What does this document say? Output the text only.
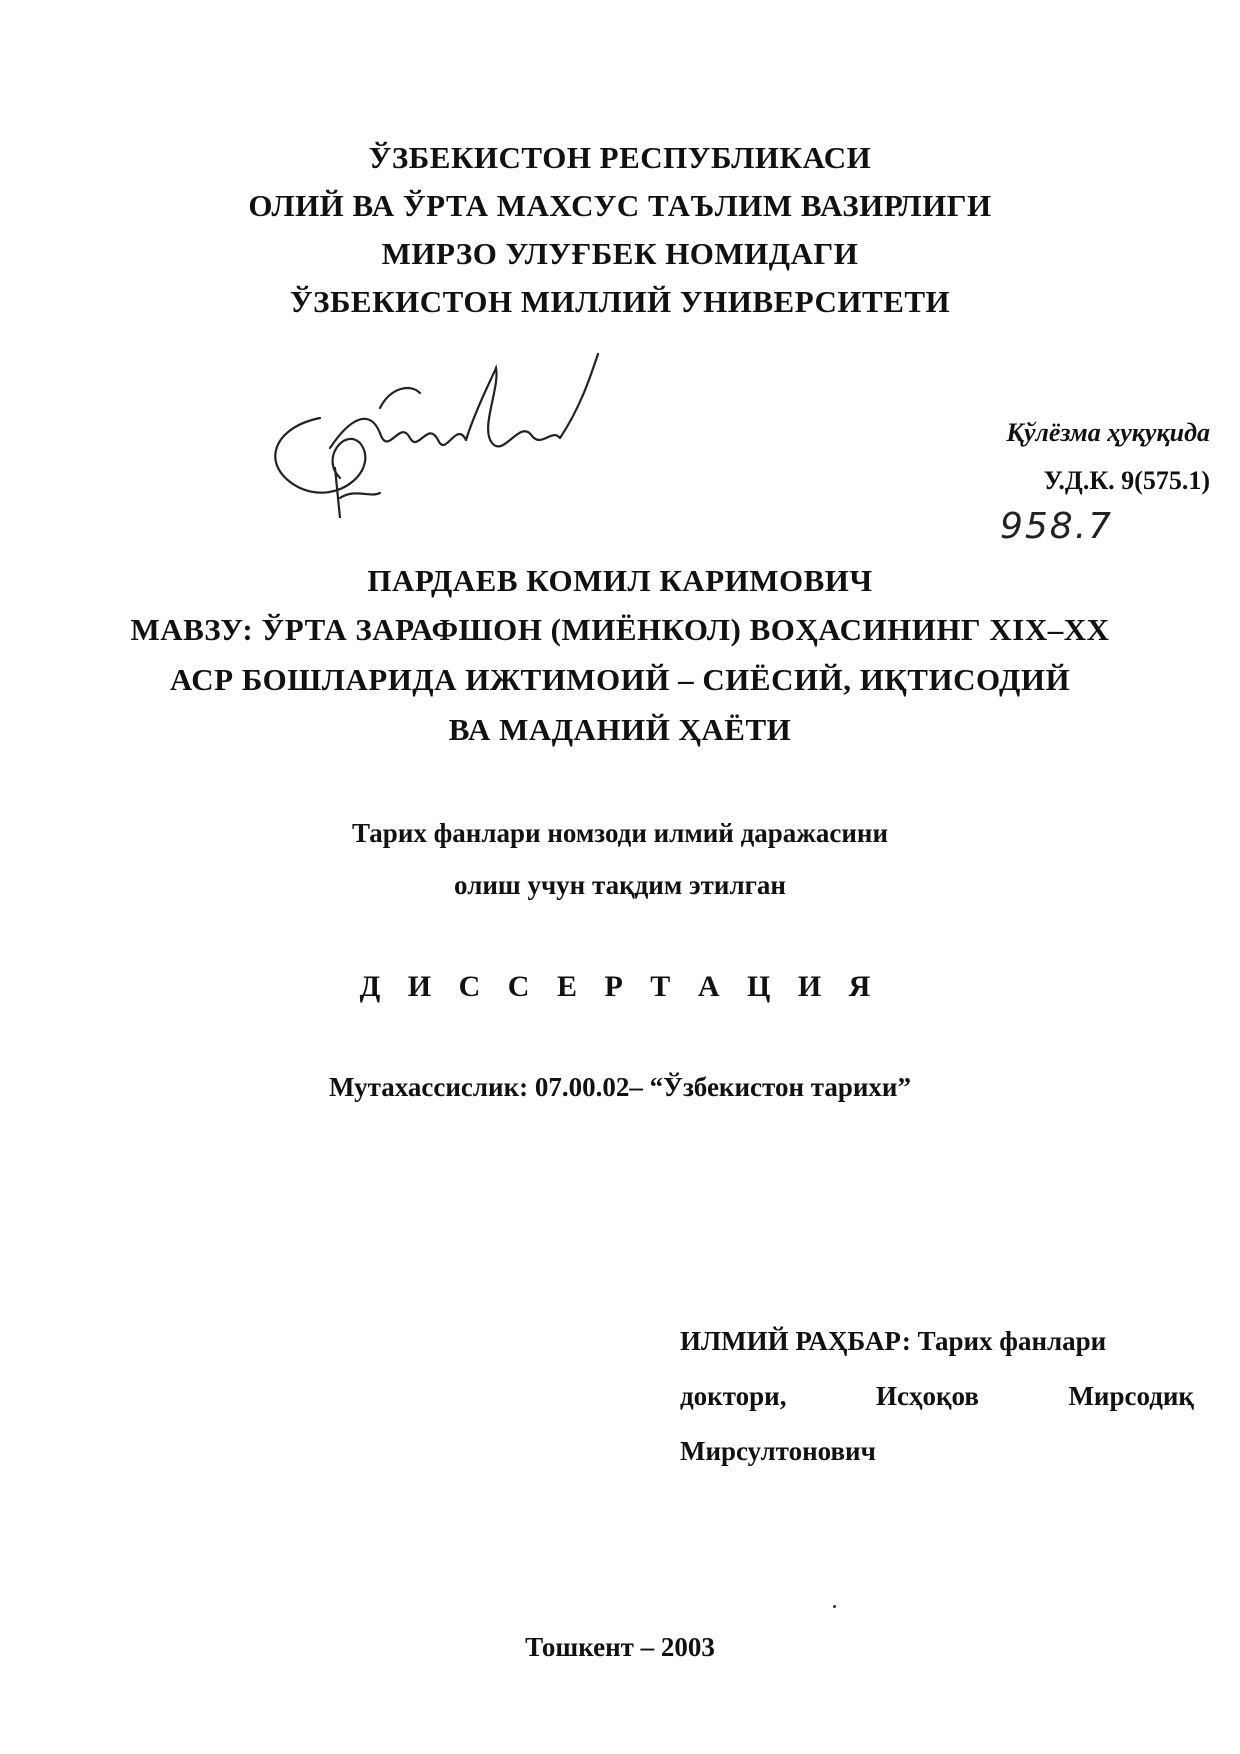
ЎЗБЕКИСТОН РЕСПУБЛИКАСИ
ОЛИЙ ВА ЎРТА МАХСУС ТАЪЛИМ ВАЗИРЛИГИ
МИРЗО УЛУҒБЕК НОМИДАГИ
ЎЗБЕКИСТОН МИЛЛИЙ УНИВЕРСИТЕТИ
Қўлёзма ҳуқуқида
У.Д.К. 9(575.1)
958.7
ПАРДАЕВ КОМИЛ КАРИМОВИЧ
МАВЗУ: ЎРТА ЗАРАФШОН (МИЁНКОЛ) ВОҲАСИНИНГ XIX–XX
АСР БОШЛАРИДА ИЖТИМОИЙ – СИЁСИЙ, ИҚТИСОДИЙ
ВА МАДАНИЙ ҲАЁТИ
Тарих фанлари номзоди илмий даражасини
олиш учун тақдим этилган
Д И С С Е Р Т А Ц И Я
Мутахассислик: 07.00.02– “Ўзбекистон тарихи”
ИЛМИЙ РАҲБАР: Тарих фанлари
доктори,	Исҳоқов	Мирсодиқ
Мирсултонович
Тошкент – 2003
